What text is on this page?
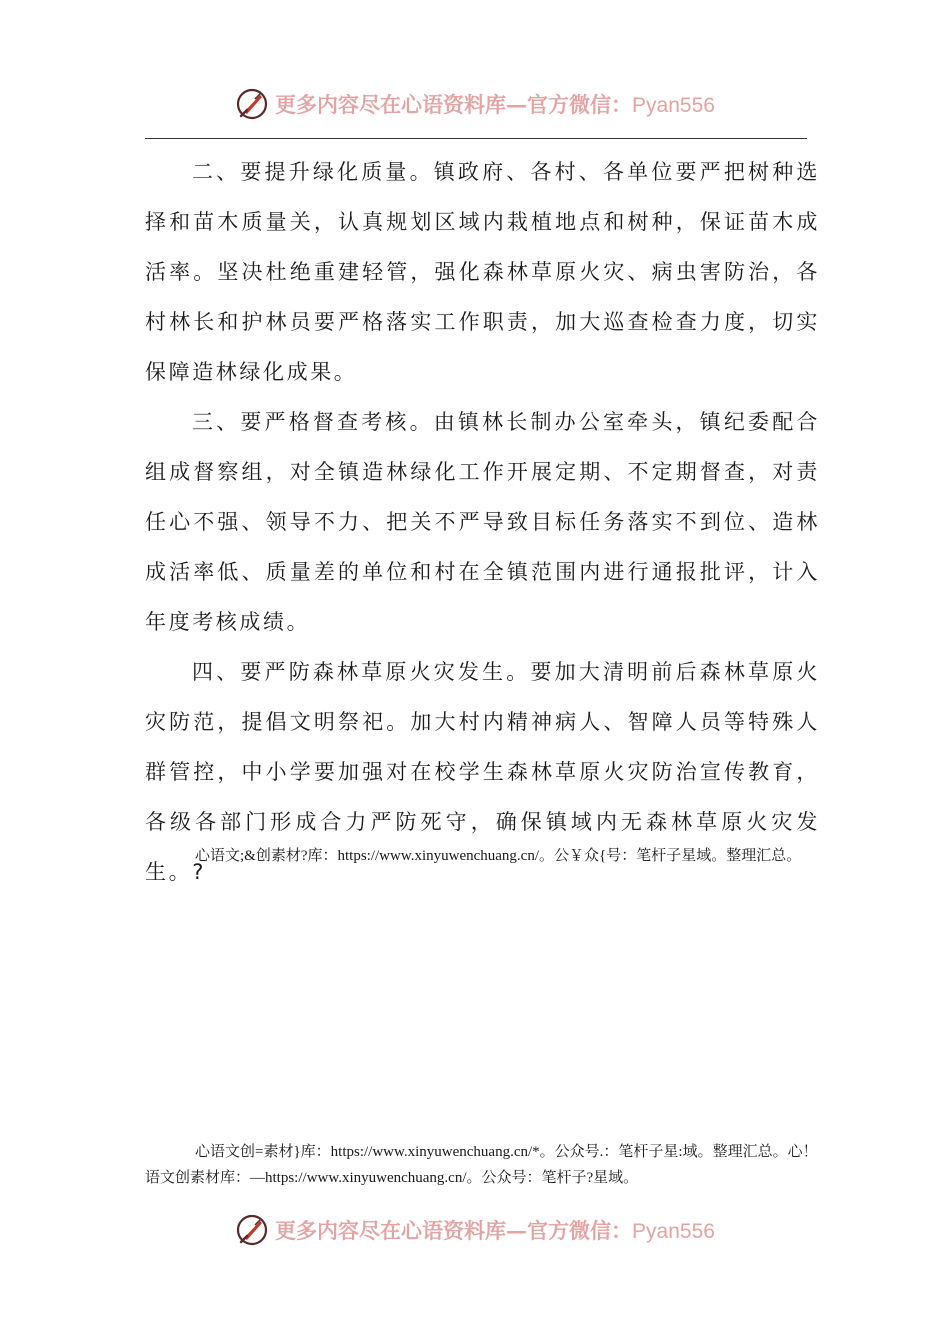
更多内容尽在心语资料库—官方微信：Pyan556

二、要提升绿化质量。镇政府、各村、各单位要严把树种选择和苗木质量关，认真规划区域内栽植地点和树种，保证苗木成活率。坚决杜绝重建轻管，强化森林草原火灾、病虫害防治，各村林长和护林员要严格落实工作职责，加大巡查检查力度，切实保障造林绿化成果。

三、要严格督查考核。由镇林长制办公室牵头，镇纪委配合组成督察组，对全镇造林绿化工作开展定期、不定期督查，对责任心不强、领导不力、把关不严导致目标任务落实不到位、造林成活率低、质量差的单位和村在全镇范围内进行通报批评，计入年度考核成绩。

四、要严防森林草原火灾发生。要加大清明前后森林草原火灾防范，提倡文明祭祀。加大村内精神病人、智障人员等特殊人群管控，中小学要加强对在校学生森林草原火灾防治宣传教育，各级各部门形成合力严防死守，确保镇域内无森林草原火灾发生。?

心语文;&创素材?库：https://www.xinyuwenchuang.cn/。公￥众{号：笔杆子星域。整理汇总。
心语文创=素材}库：https://www.xinyuwenchuang.cn/*。公众号.：笔杆子星:域。整理汇总。心！语文创素材库：—https://www.xinyuwenchuang.cn/。公众号：笔杆子?星域。
更多内容尽在心语资料库—官方微信：Pyan556
